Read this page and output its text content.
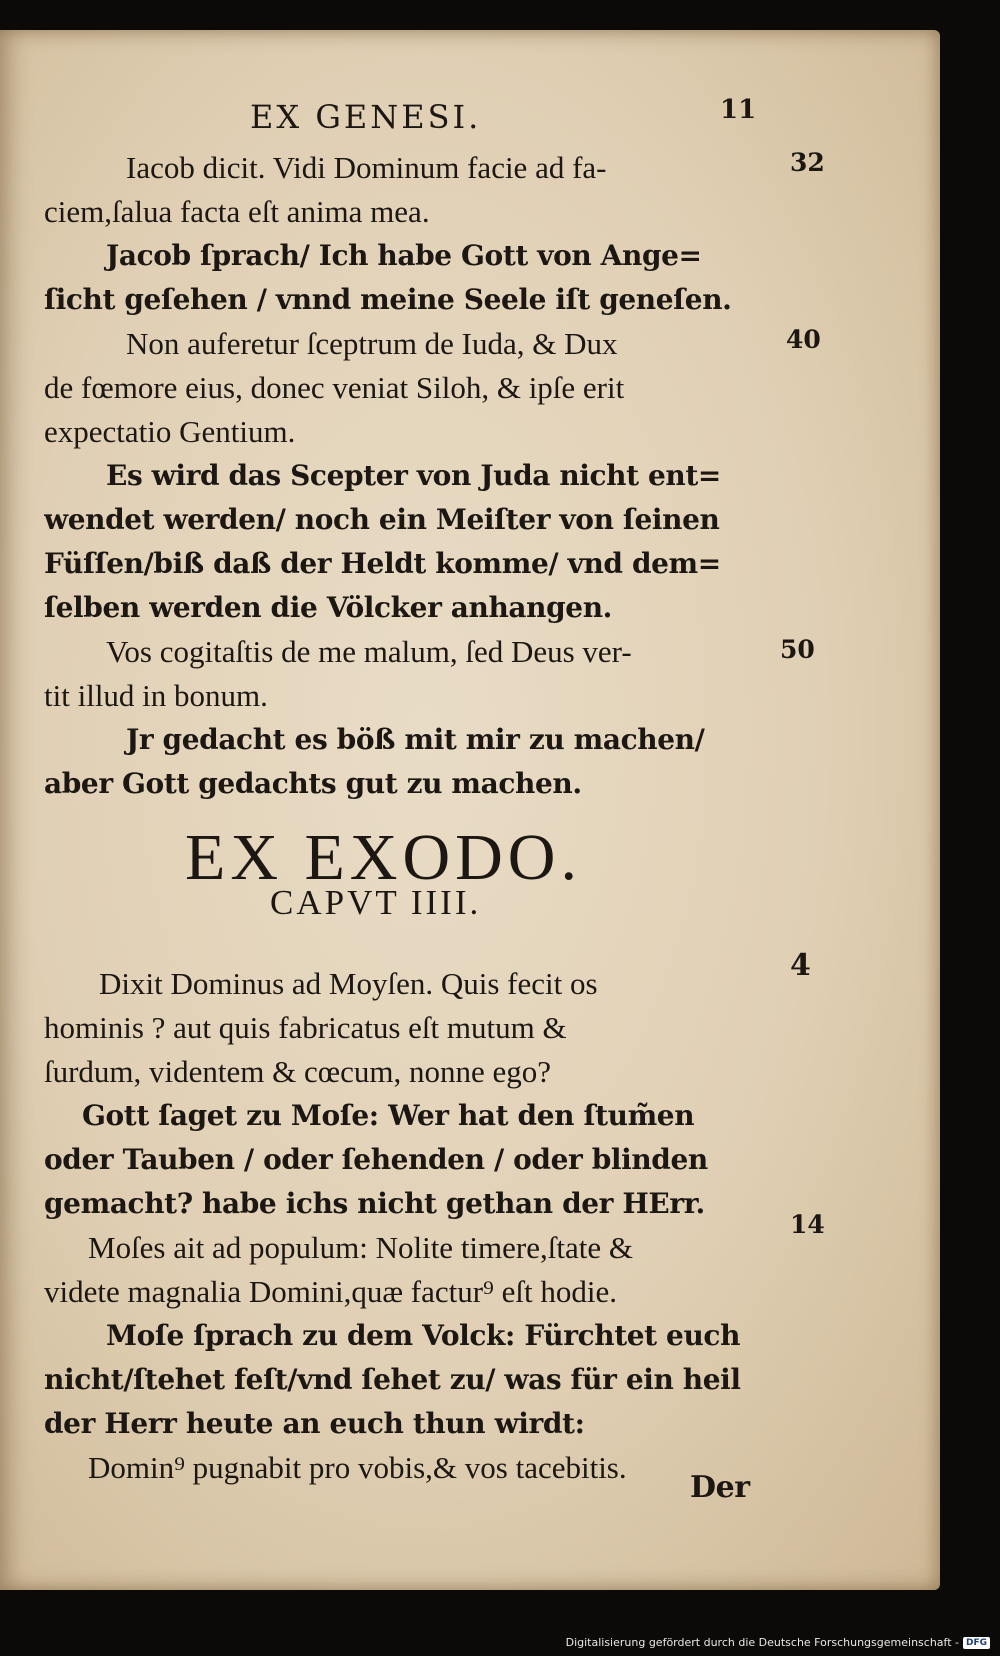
EX GENESI.	11
32
40
50
4
14
Iacob dicit. Vidi Dominum facie ad fa-
ciem,ſalua facta eſt anima mea.
Jacob ſprach/ Ich habe Gott von Ange=
ſicht geſehen / vnnd meine Seele iſt geneſen.
Non auferetur ſceptrum de Iuda, & Dux
de fœmore eius, donec veniat Siloh, & ipſe erit
expectatio Gentium.
Es wird das Scepter von Juda nicht ent=
wendet werden/ noch ein Meiſter von ſeinen
Füſſen/biß daß der Heldt komme/ vnd dem=
ſelben werden die Völcker anhangen.
Vos cogitaſtis de me malum, ſed Deus ver-
tit illud in bonum.
Jr gedacht es böß mit mir zu machen/
aber Gott gedachts gut zu machen.
EX EXODO.
CAPVT IIII.
Dixit Dominus ad Moyſen. Quis fecit os
hominis ? aut quis fabricatus eſt mutum &
ſurdum, videntem & cœcum, nonne ego?
Gott ſaget zu Moſe: Wer hat den ſtum̃en
oder Tauben / oder ſehenden / oder blinden
gemacht? habe ichs nicht gethan der HErr.
Moſes ait ad populum: Nolite timere,ſtate &
videte magnalia Domini,quæ factur⁹ eſt hodie.
Moſe ſprach zu dem Volck: Fürchtet euch
nicht/ſtehet feſt/vnd ſehet zu/ was für ein heil
der Herr heute an euch thun wirdt:
Domin⁹ pugnabit pro vobis,& vos tacebitis.
Der
Digitalisierung gefördert durch die Deutsche Forschungsgemeinschaft - DFG
